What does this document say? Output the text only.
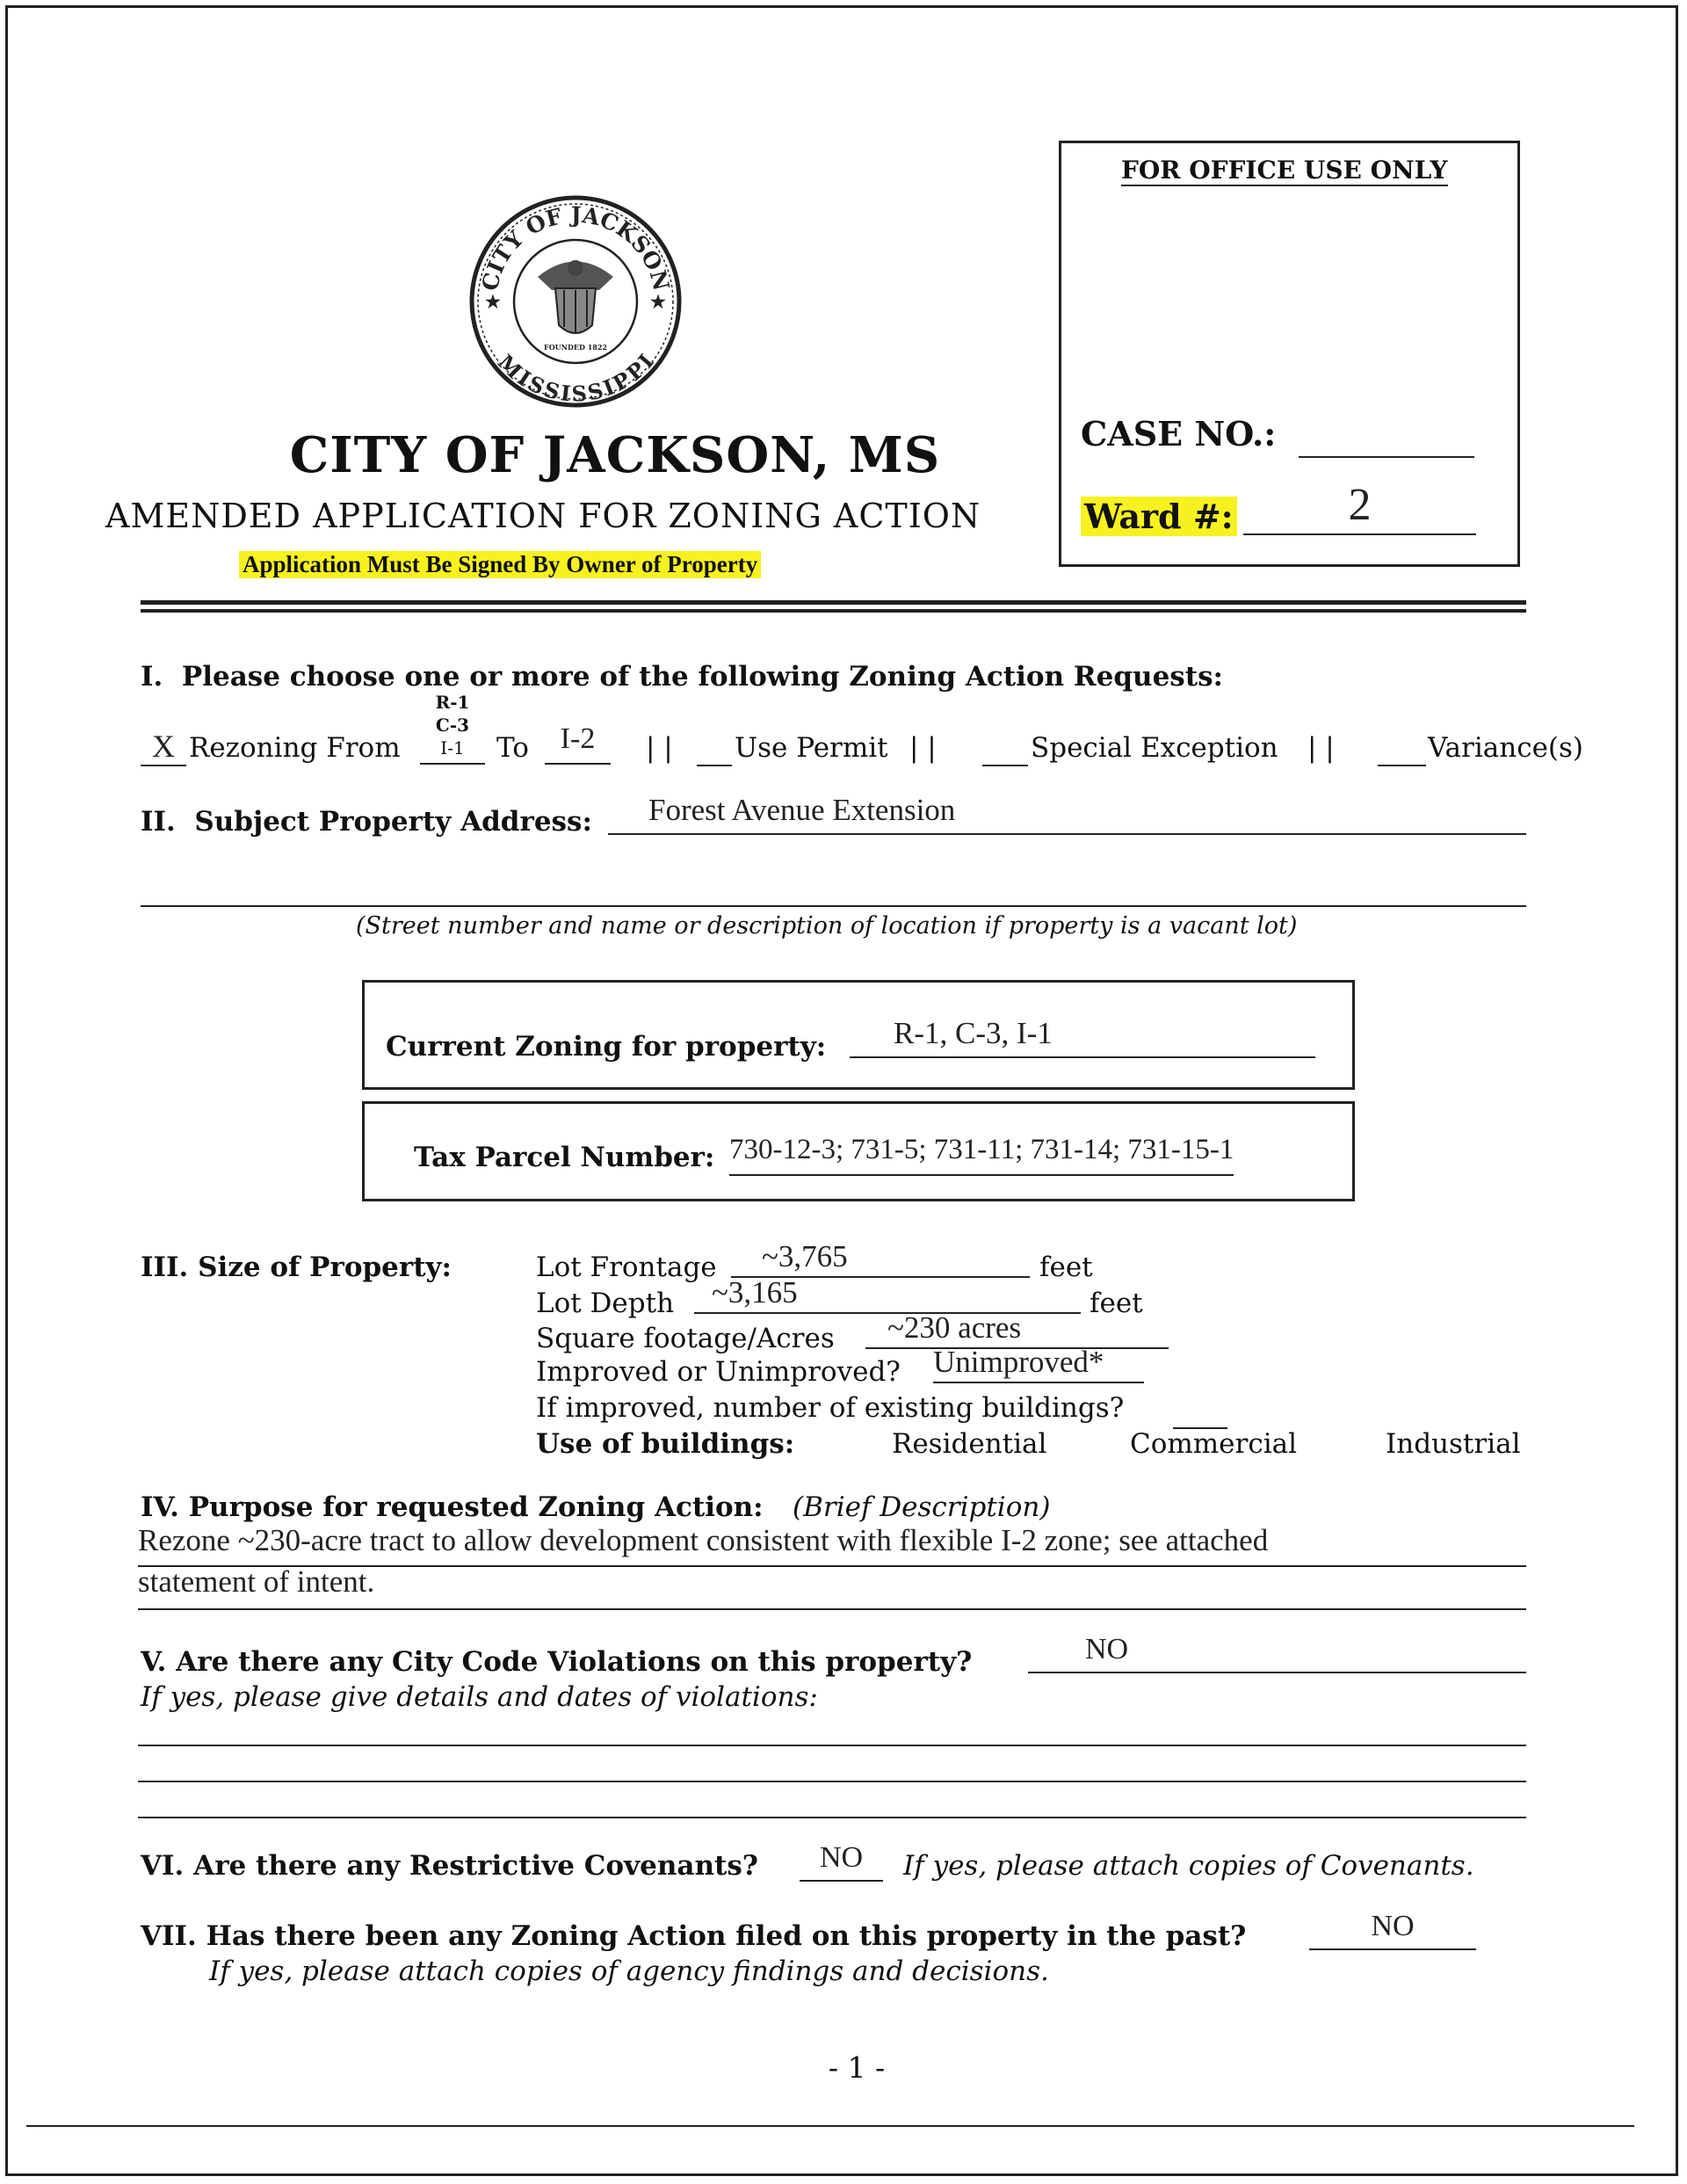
CITY OF JACKSON
MISSISSIPPI
★	★
FOUNDED 1822
CITY OF JACKSON, MS
AMENDED APPLICATION FOR ZONING ACTION
Application Must Be Signed By Owner of Property
FOR OFFICE USE ONLY
CASE NO.:
Ward #:	2
I.  Please choose one or more of the following Zoning Action Requests:
X Rezoning From
R-1
C-3
I-1	To	I-2	| | Use Permit | |	Special Exception | |	Variance(s)
II.  Subject Property Address:	Forest Avenue Extension
(Street number and name or description of location if property is a vacant lot)
Current Zoning for property:	R-1, C-3, I-1
Tax Parcel Number: 730-12-3; 731-5; 731-11; 731-14; 731-15-1
III. Size of Property:	Lot Frontage	~3,765	feet
Lot Depth	~3,165	feet
Square footage/Acres	~230 acres
Improved or Unimproved? Unimproved*
If improved, number of existing buildings?
Use of buildings:	Residential	Commercial	Industrial
IV. Purpose for requested Zoning Action: (Brief Description)
Rezone ~230-acre tract to allow development consistent with flexible I-2 zone; see attached
statement of intent.
V. Are there any City Code Violations on this property?	NO
If yes, please give details and dates of violations:
VI. Are there any Restrictive Covenants?	NO	If yes, please attach copies of Covenants.
VII. Has there been any Zoning Action filed on this property in the past?	NO
If yes, please attach copies of agency findings and decisions.
- 1 -
